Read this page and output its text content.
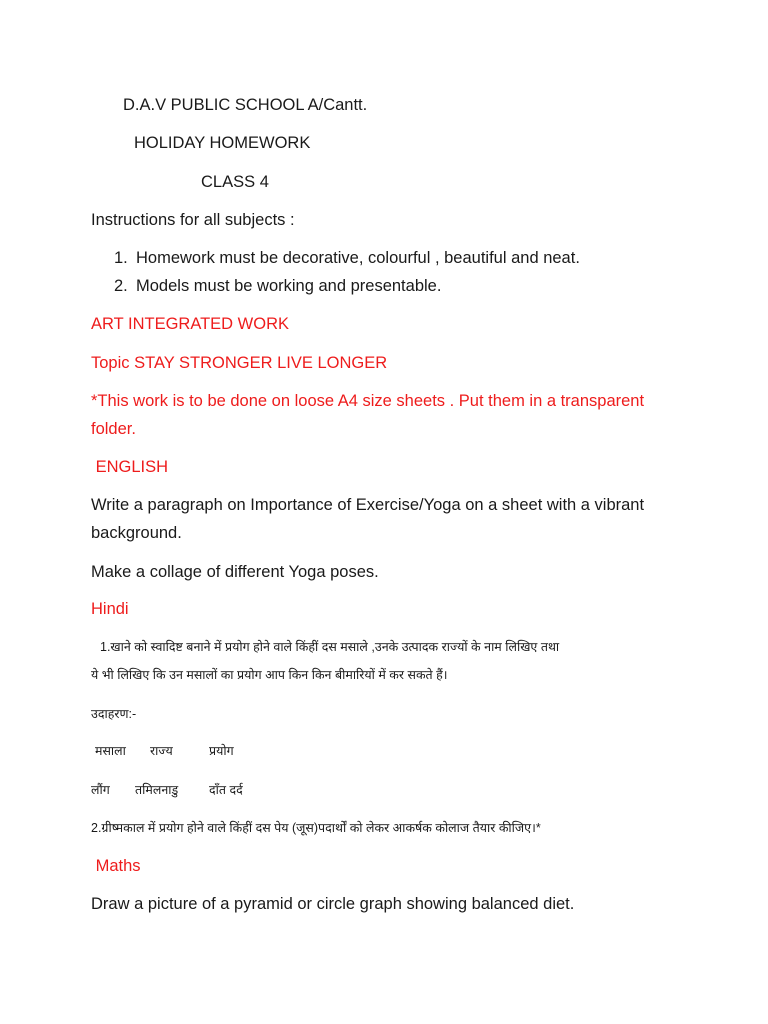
D.A.V PUBLIC SCHOOL A/Cantt.
HOLIDAY HOMEWORK
CLASS 4
Instructions for all subjects :
1. Homework must be decorative, colourful , beautiful and neat.
2. Models must be working and presentable.
ART INTEGRATED WORK
Topic STAY STRONGER LIVE LONGER
*This work is to be done on loose A4 size sheets . Put them in a transparent folder.
ENGLISH
Write a paragraph on Importance of Exercise/Yoga on a sheet with a vibrant background.
Make a collage of different Yoga poses.
Hindi
1.खाने को स्वादिष्ट बनाने में प्रयोग होने वाले किंहीं दस मसाले ,उनके उत्पादक राज्यों के नाम लिखिए तथा
ये भी लिखिए कि उन मसालों का प्रयोग आप किन किन बीमारियों में कर सकते हैं।
उदाहरण:-
मसाला राज्य	प्रयोग
लौंग तमिलनाडु दाँत दर्द
2.ग्रीष्मकाल में प्रयोग होने वाले किंहीं दस पेय (जूस)पदार्थों को लेकर आकर्षक कोलाज तैयार कीजिए।*
Maths
Draw a picture of a pyramid or circle graph showing balanced diet.
